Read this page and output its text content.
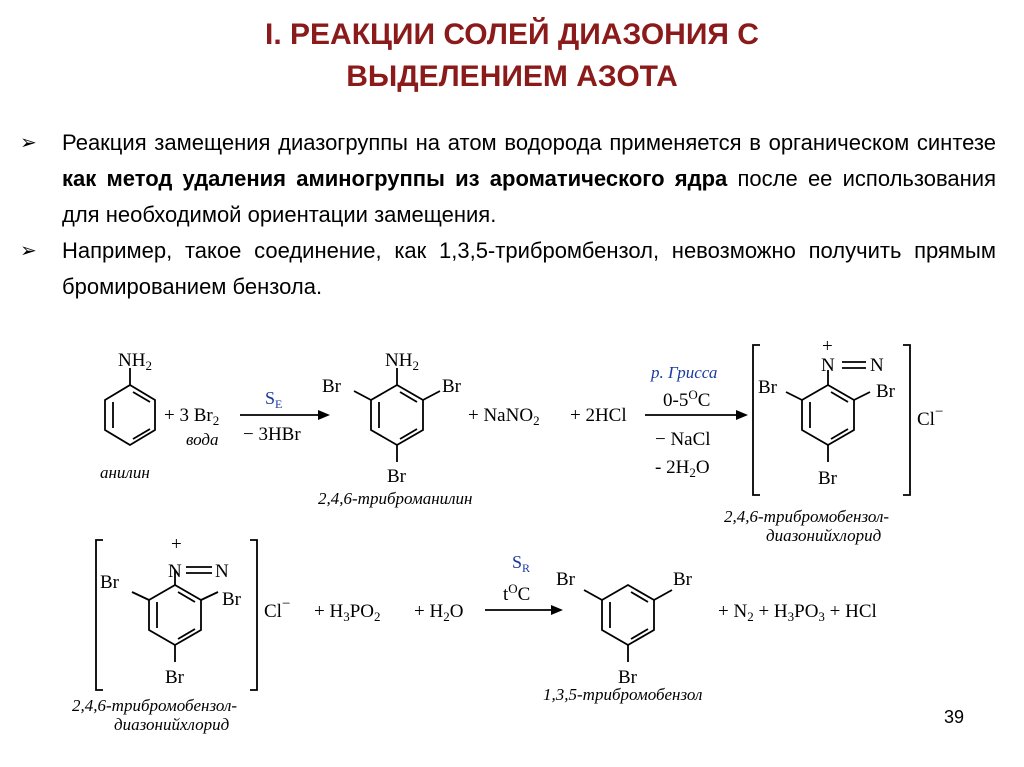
I. РЕАКЦИИ СОЛЕЙ ДИАЗОНИЯ С
ВЫДЕЛЕНИЕМ АЗОТА
➢ Реакция замещения диазогруппы на атом водорода применяется в органическом синтезе как метод удаления аминогруппы из ароматического ядра после ее использования для необходимой ориентации замещения.
➢ Например, такое соединение, как 1,3,5-трибромбензол, невозможно получить прямым бромированием бензола.
$NH_2$
анилин
+ 3 $Br_2$
вода
$S_E$
− 3HBr
$NH_2$
Br
Br
Br
2,4,6-триброманилин
+ NaNO$_2$ + 2HCl
р. Грисса
$0-5^OC$
− NaCl
- $2H_2O$
+
N N
Br	Br
Br
Cl−
2,4,6-трибромобензол-
диазонийхлорид
+
N N
Br
Br
Br
Cl−
2,4,6-трибромобензол-
диазонийхлорид
+ $H_3PO_2 + H_2O$
$S_R$
$t^OC$
Br	Br
Br
1,3,5-трибромобензол
+ $N_2 + H_3PO_3$ + HCl
39
